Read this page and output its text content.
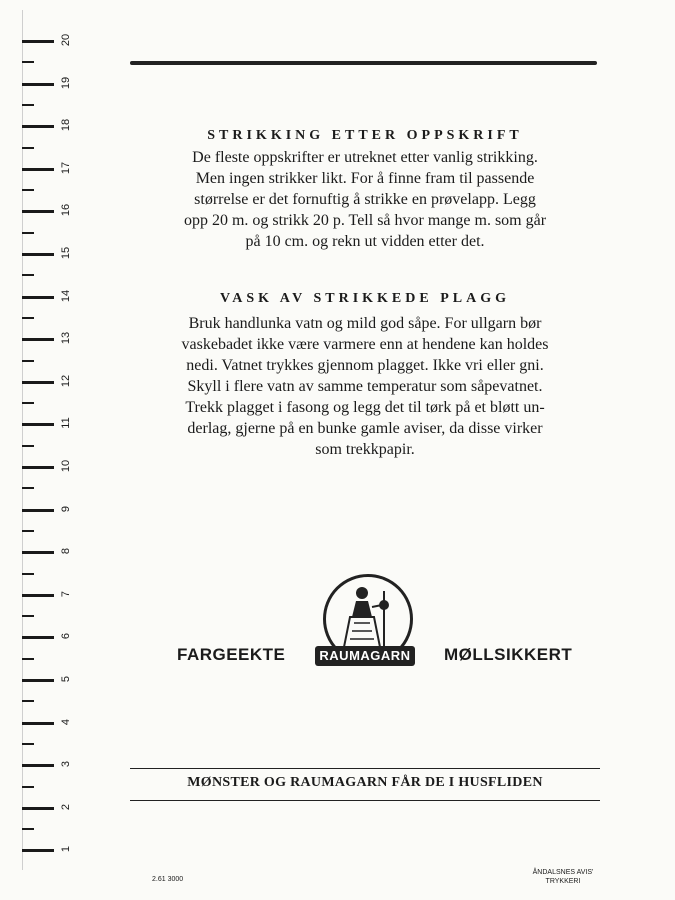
20
19
18
17
16
15
14
13
12
11
10
9
8
7
6
5
4
3
2
1
STRIKKING ETTER OPPSKRIFT
De fleste oppskrifter er utreknet etter vanlig strikking.
Men ingen strikker likt. For å finne fram til passende
størrelse er det fornuftig å strikke en prøvelapp. Legg
opp 20 m. og strikk 20 p. Tell så hvor mange m. som går
på 10 cm. og rekn ut vidden etter det.
VASK AV STRIKKEDE PLAGG
Bruk handlunka vatn og mild god såpe. For ullgarn bør
vaskebadet ikke være varmere enn at hendene kan holdes
nedi. Vatnet trykkes gjennom plagget. Ikke vri eller gni.
Skyll i flere vatn av samme temperatur som såpevatnet.
Trekk plagget i fasong og legg det til tørk på et bløtt un-
derlag, gjerne på en bunke gamle aviser, da disse virker
som trekkpapir.
FARGEEKTE	RAUMAGARN MØLLSIKKERT
MØNSTER OG RAUMAGARN FÅR DE I HUSFLIDEN
2.61 3000
ÅNDALSNES AVIS'
TRYKKERI
